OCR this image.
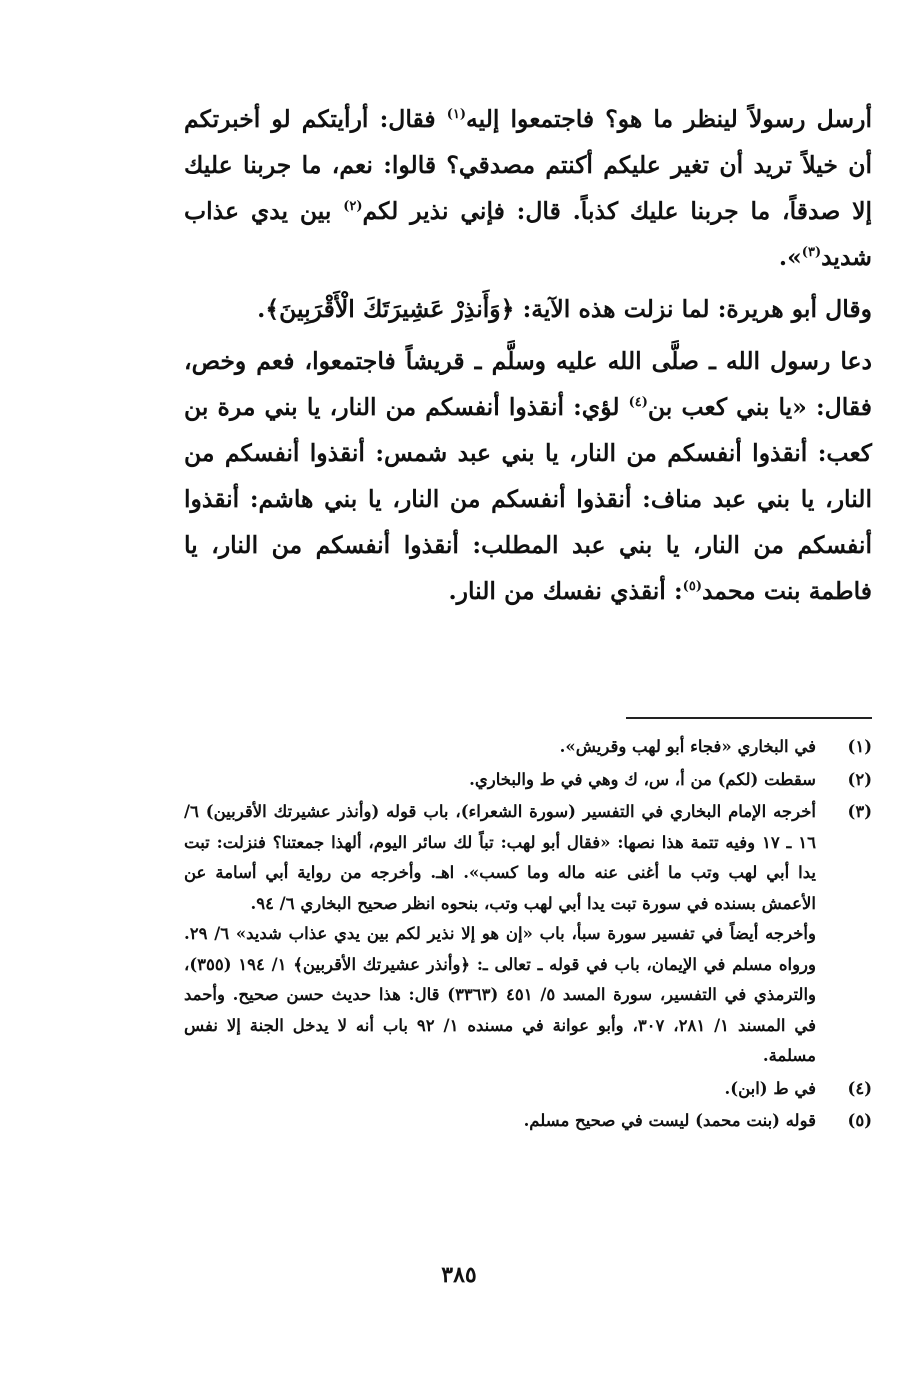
أرسل رسولاً لينظر ما هو؟ فاجتمعوا إليه$^{(١)}$ فقال: أرأيتكم لو أخبرتكم أن خيلاً تريد أن تغير عليكم أكنتم مصدقي؟ قالوا: نعم، ما جربنا عليك إلا صدقاً، ما جربنا عليك كذباً. قال: فإني نذير لكم$^{(٢)}$ بين يدي عذاب شديد$^{(٣)}$».

وقال أبو هريرة: لما نزلت هذه الآية: ﴿وَأَنذِرْ عَشِيرَتَكَ الْأَقْرَبِينَ﴾.

دعا رسول الله ـ صلَّى الله عليه وسلَّم ـ قريشاً فاجتمعوا، فعم وخص، فقال: «يا بني كعب بن$^{(٤)}$ لؤي: أنقذوا أنفسكم من النار، يا بني مرة بن كعب: أنقذوا أنفسكم من النار، يا بني عبد شمس: أنقذوا أنفسكم من النار، يا بني عبد مناف: أنقذوا أنفسكم من النار، يا بني هاشم: أنقذوا أنفسكم من النار، يا بني عبد المطلب: أنقذوا أنفسكم من النار، يا فاطمة بنت محمد$^{(٥)}$: أنقذي نفسك من النار.

(١)

في البخاري «فجاء أبو لهب وقريش».

(٢)

سقطت (لكم) من أ، س، ك وهي في ط والبخاري.

(٣)

أخرجه الإمام البخاري في التفسير (سورة الشعراء)، باب قوله (وأنذر عشيرتك الأقربين) ٦/ ١٦ ـ ١٧ وفيه تتمة هذا نصها: «فقال أبو لهب: تباً لك سائر اليوم، ألهذا جمعتنا؟ فنزلت: تبت يدا أبي لهب وتب ما أغنى عنه ماله وما كسب». اهـ. وأخرجه من رواية أبي أسامة عن الأعمش بسنده في سورة تبت يدا أبي لهب وتب، بنحوه انظر صحيح البخاري ٦/ ٩٤.

وأخرجه أيضاً في تفسير سورة سبأ، باب «إن هو إلا نذير لكم بين يدي عذاب شديد» ٦/ ٢٩. ورواه مسلم في الإيمان، باب في قوله ـ تعالى ـ: ﴿وأنذر عشيرتك الأقربين﴾ ١/ ١٩٤ (٣٥٥)، والترمذي في التفسير، سورة المسد ٥/ ٤٥١ (٣٣٦٣) قال: هذا حديث حسن صحيح. وأحمد في المسند ١/ ٢٨١، ٣٠٧، وأبو عوانة في مسنده ١/ ٩٢ باب أنه لا يدخل الجنة إلا نفس مسلمة.

(٤)

في ط (ابن).

(٥)

قوله (بنت محمد) ليست في صحيح مسلم.

٣٨٥
